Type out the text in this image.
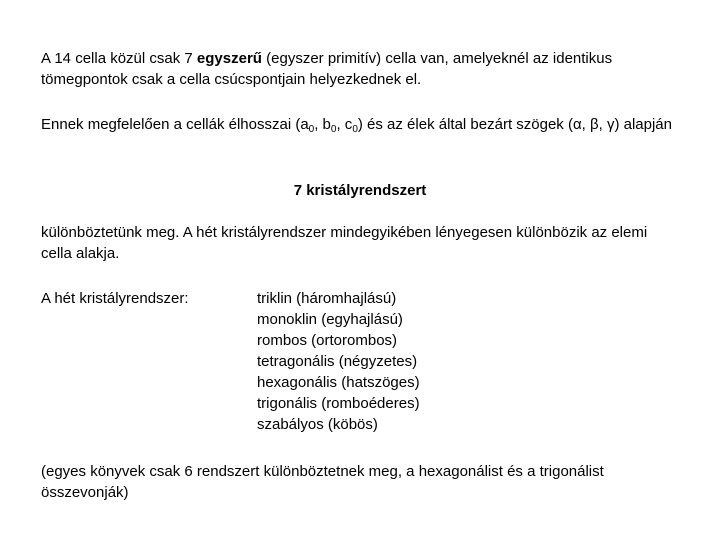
A 14 cella közül csak 7 egyszerű (egyszer primitív) cella van, amelyeknél az identikus tömegpontok csak a cella csúcspontjain helyezkednek el.

Ennek megfelelően a cellák élhosszai ($a_0$, $b_0$, $c_0$) és az élek által bezárt szögek (α, β, γ) alapján

7 kristályrendszert

különböztetünk meg. A hét kristályrendszer mindegyikében lényegesen különbözik az elemi cella alakja.

A hét kristályrendszer:	triklin (háromhajlású)
monoklin (egyhajlású)
rombos (ortorombos)
tetragonális (négyzetes)
hexagonális (hatszöges)
trigonális (romboéderes)
szabályos (köbös)

(egyes könyvek csak 6 rendszert különböztetnek meg, a hexagonálist és a trigonálist összevonják)
